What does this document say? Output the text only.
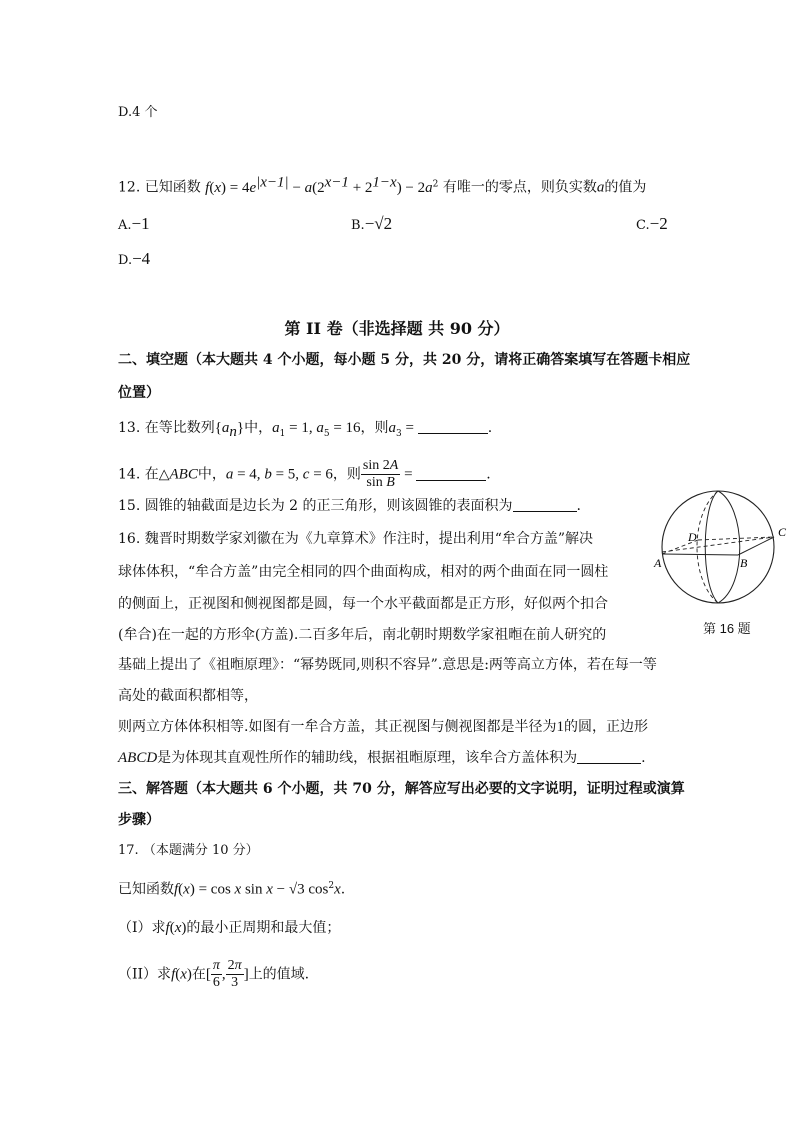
D.4 个
12. 已知函数 $f(x) = 4e^{|x-1|} - a(2^{x-1} + 2^{1-x}) - 2a^2$ 有唯一的零点，则负实数a的值为
A.−1	B.−√2	C.−2
D.−4
第 II 卷（非选择题 共 90 分）
二、填空题（本大题共 4 个小题，每小题 5 分，共 20 分，请将正确答案填写在答题卡相应
位置）
13. 在等比数列$\{a_n\}$中，$a_1 = 1$, $a_5 = 16$，则$a_3$ =	.
14. 在△ABC中，a = 4, b = 5, c = 6，则 $\frac{\sin 2A}{\text{sin B}}$ =	.
15. 圆锥的轴截面是边长为 2 的正三角形，则该圆锥的表面积为	.
16. 魏晋时期数学家刘徽在为《九章算术》作注时，提出利用“牟合方盖”解决
球体体积，“牟合方盖”由完全相同的四个曲面构成，相对的两个曲面在同一圆柱
的侧面上，正视图和侧视图都是圆，每一个水平截面都是正方形，好似两个扣合
(牟合)在一起的方形伞(方盖).二百多年后，南北朝时期数学家祖暅在前人研究的
基础上提出了《祖暅原理》：“幂势既同,则积不容异”.意思是:两等高立方体，若在每一等
高处的截面积都相等，
则两立方体体积相等.如图有一牟合方盖，其正视图与侧视图都是半径为1的圆，正边形
ABCD是为体现其直观性所作的辅助线，根据祖暅原理，该牟合方盖体积为	.
A	B
C
D
第 16 题
三、解答题（本大题共 6 个小题，共 70 分，解答应写出必要的文字说明，证明过程或演算
步骤）
17. （本题满分 10 分）
已知函数f(x) = cos x sin x − √3 $\cos^2x$.
（I）求f(x)的最小正周期和最大值；
（II）求f(x)在[ $\frac{\pi}{6}$ , $\frac{2\pi}{3}$ ]上的值域.
